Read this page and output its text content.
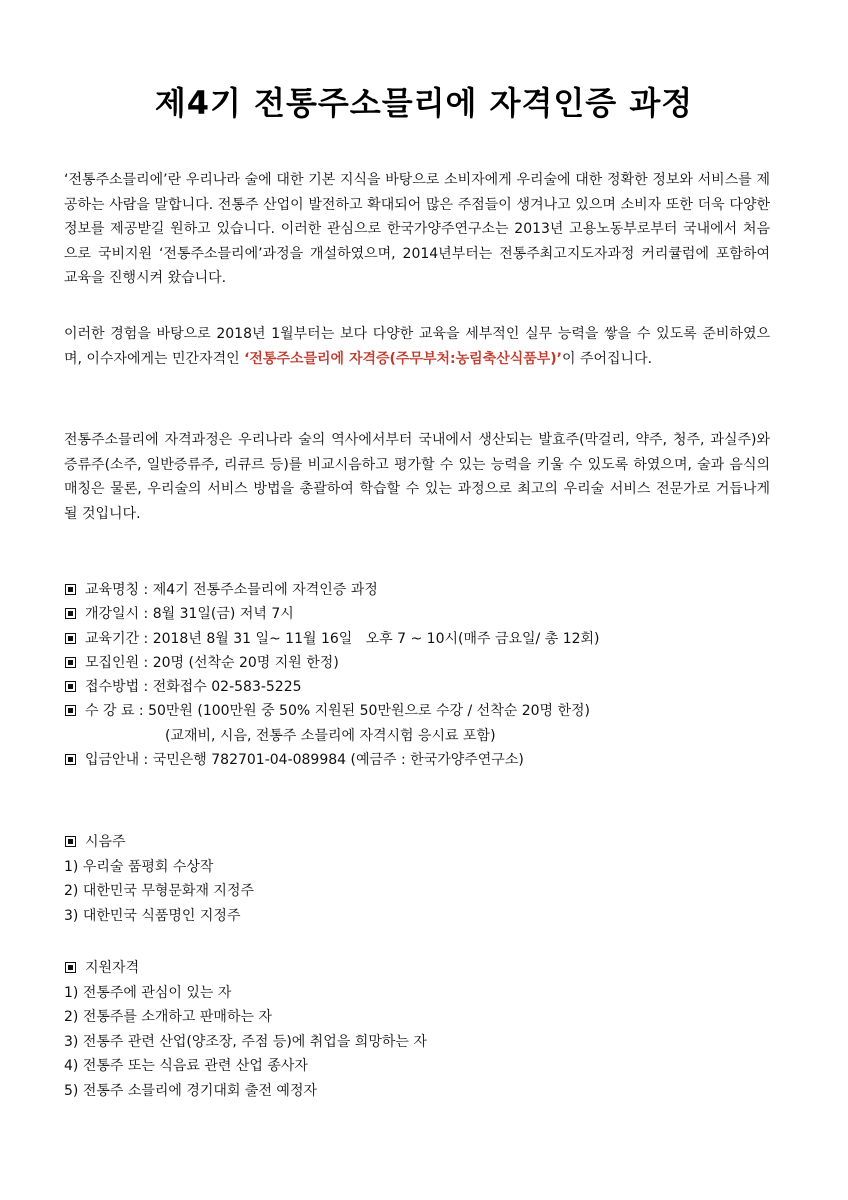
제4기 전통주소믈리에 자격인증 과정
‘전통주소믈리에’란 우리나라 술에 대한 기본 지식을 바탕으로 소비자에게 우리술에 대한 정확한 정보와 서비스를 제공하는 사람을 말합니다. 전통주 산업이 발전하고 확대되어 많은 주점들이 생겨나고 있으며 소비자 또한 더욱 다양한 정보를 제공받길 원하고 있습니다. 이러한 관심으로 한국가양주연구소는 2013년 고용노동부로부터 국내에서 처음으로 국비지원 ‘전통주소믈리에’과정을 개설하였으며, 2014년부터는 전통주최고지도자과정 커리큘럼에 포함하여 교육을 진행시켜 왔습니다.
이러한 경험을 바탕으로 2018년 1월부터는 보다 다양한 교육을 세부적인 실무 능력을 쌓을 수 있도록 준비하였으며, 이수자에게는 민간자격인 ‘전통주소믈리에 자격증(주무부처:농림축산식품부)’이 주어집니다.
전통주소믈리에 자격과정은 우리나라 술의 역사에서부터 국내에서 생산되는 발효주(막걸리, 약주, 청주, 과실주)와 증류주(소주, 일반증류주, 리큐르 등)를 비교시음하고 평가할 수 있는 능력을 키울 수 있도록 하였으며, 술과 음식의 매칭은 물론, 우리술의 서비스 방법을 총괄하여 학습할 수 있는 과정으로 최고의 우리술 서비스 전문가로 거듭나게 될 것입니다.
교육명칭 : 제4기 전통주소믈리에 자격인증 과정
개강일시 : 8월 31일(금) 저녁 7시
교육기간 : 2018년 8월 31 일~ 11월 16일   오후 7 ~ 10시(매주 금요일/ 총 12회)
모집인원 : 20명 (선착순 20명 지원 한정)
접수방법 : 전화접수 02-583-5225
수 강 료 : 50만원 (100만원 중 50% 지원된 50만원으로 수강 / 선착순 20명 한정)
(교재비, 시음, 전통주 소믈리에 자격시험 응시료 포함)
입금안내 : 국민은행 782701-04-089984 (예금주 : 한국가양주연구소)
시음주
1) 우리술 품평회 수상작
2) 대한민국 무형문화재 지정주
3) 대한민국 식품명인 지정주
지원자격
1) 전통주에 관심이 있는 자
2) 전통주를 소개하고 판매하는 자
3) 전통주 관련 산업(양조장, 주점 등)에 취업을 희망하는 자
4) 전통주 또는 식음료 관련 산업 종사자
5) 전통주 소믈리에 경기대회 출전 예정자
